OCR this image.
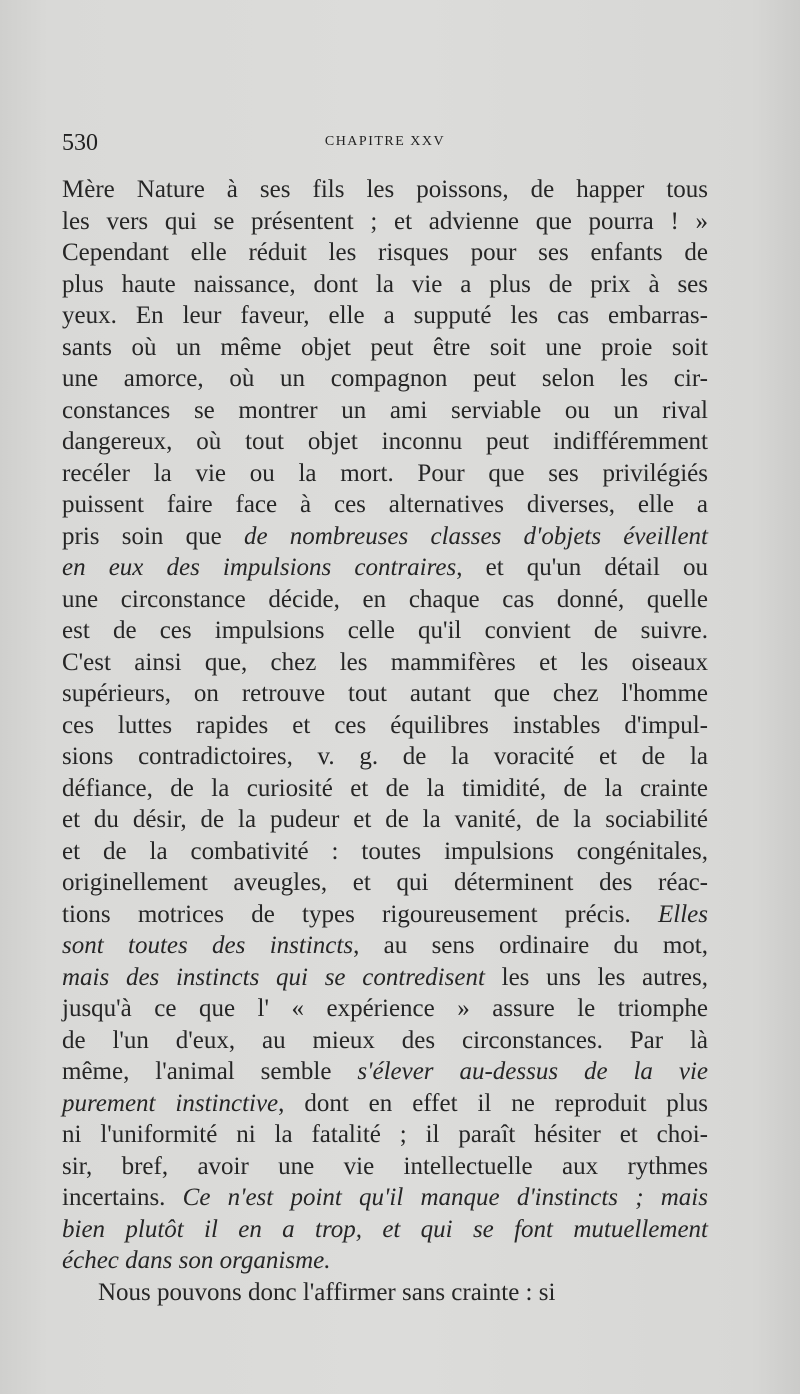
530	CHAPITRE XXV
Mère Nature à ses fils les poissons, de happer tous
les vers qui se présentent ; et advienne que pourra ! »
Cependant elle réduit les risques pour ses enfants de
plus haute naissance, dont la vie a plus de prix à ses
yeux. En leur faveur, elle a supputé les cas embarras-
sants où un même objet peut être soit une proie soit
une amorce, où un compagnon peut selon les cir-
constances se montrer un ami serviable ou un rival
dangereux, où tout objet inconnu peut indifféremment
recéler la vie ou la mort. Pour que ses privilégiés
puissent faire face à ces alternatives diverses, elle a
pris soin que de nombreuses classes d'objets éveillent
en eux des impulsions contraires, et qu'un détail ou
une circonstance décide, en chaque cas donné, quelle
est de ces impulsions celle qu'il convient de suivre.
C'est ainsi que, chez les mammifères et les oiseaux
supérieurs, on retrouve tout autant que chez l'homme
ces luttes rapides et ces équilibres instables d'impul-
sions contradictoires, v. g. de la voracité et de la
défiance, de la curiosité et de la timidité, de la crainte
et du désir, de la pudeur et de la vanité, de la sociabilité
et de la combativité : toutes impulsions congénitales,
originellement aveugles, et qui déterminent des réac-
tions motrices de types rigoureusement précis. Elles
sont toutes des instincts, au sens ordinaire du mot,
mais des instincts qui se contredisent les uns les autres,
jusqu'à ce que l' « expérience » assure le triomphe
de l'un d'eux, au mieux des circonstances. Par là
même, l'animal semble s'élever au-dessus de la vie
purement instinctive, dont en effet il ne reproduit plus
ni l'uniformité ni la fatalité ; il paraît hésiter et choi-
sir, bref, avoir une vie intellectuelle aux rythmes
incertains. Ce n'est point qu'il manque d'instincts ; mais
bien plutôt il en a trop, et qui se font mutuellement
échec dans son organisme.
Nous pouvons donc l'affirmer sans crainte : si
